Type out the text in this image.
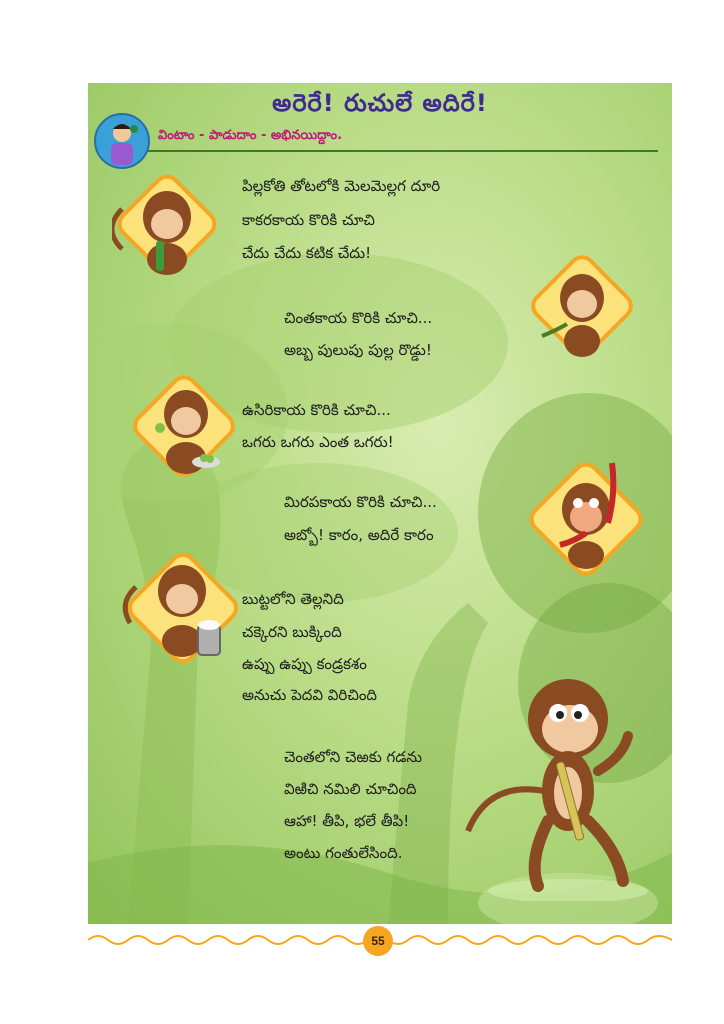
అరెరే! రుచులే అదిరే!
వింటాం - పాడుదాం - అభినయిద్దాం.
పిల్లకోతి తోటలోకి మెలమెల్లగ దూరి
కాకరకాయ కొరికి చూచి
చేదు చేదు కటిక చేదు!
చింతకాయ కొరికి చూచి...
అబ్బ పులుపు పుల్ల రొడ్డు!
ఉసిరికాయ కొరికి చూచి...
ఒగరు ఒగరు ఎంత ఒగరు!
మిరపకాయ కొరికి చూచి...
అబ్బో! కారం, అదిరే కారం
బుట్టలోని తెల్లనిది
చక్కెరని బుక్కింది
ఉప్పు ఉప్పు కండ్రకశం
అనుచు పెదవి విరిచింది
చెంతలోని చెఱకు గడను
విఱిచి నమిలి చూచింది
ఆహా! తీపి, భలే తీపి!
అంటు గంతులేసింది.
55
